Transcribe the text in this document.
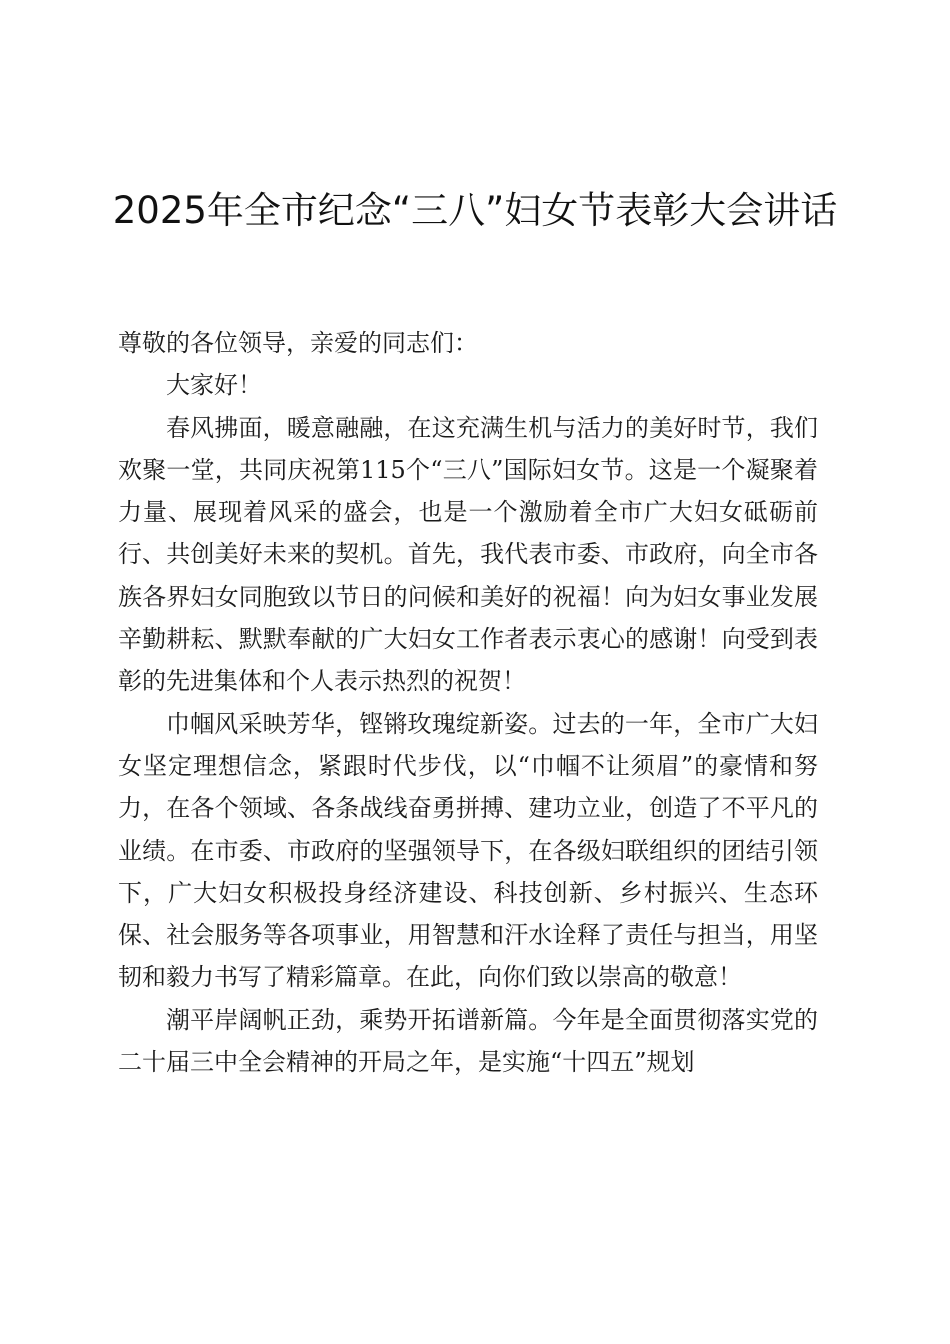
2025年全市纪念“三八”妇女节表彰大会讲话

尊敬的各位领导，亲爱的同志们：

大家好！

春风拂面，暖意融融，在这充满生机与活力的美好时节，我们欢聚一堂，共同庆祝第115个“三八”国际妇女节。这是一个凝聚着力量、展现着风采的盛会，也是一个激励着全市广大妇女砥砺前行、共创美好未来的契机。首先，我代表市委、市政府，向全市各族各界妇女同胞致以节日的问候和美好的祝福！向为妇女事业发展辛勤耕耘、默默奉献的广大妇女工作者表示衷心的感谢！向受到表彰的先进集体和个人表示热烈的祝贺！

巾帼风采映芳华，铿锵玫瑰绽新姿。过去的一年，全市广大妇女坚定理想信念，紧跟时代步伐，以“巾帼不让须眉”的豪情和努力，在各个领域、各条战线奋勇拼搏、建功立业，创造了不平凡的业绩。在市委、市政府的坚强领导下，在各级妇联组织的团结引领下，广大妇女积极投身经济建设、科技创新、乡村振兴、生态环保、社会服务等各项事业，用智慧和汗水诠释了责任与担当，用坚韧和毅力书写了精彩篇章。在此，向你们致以崇高的敬意！

潮平岸阔帆正劲，乘势开拓谱新篇。今年是全面贯彻落实党的二十届三中全会精神的开局之年，是实施“十四五”规划
